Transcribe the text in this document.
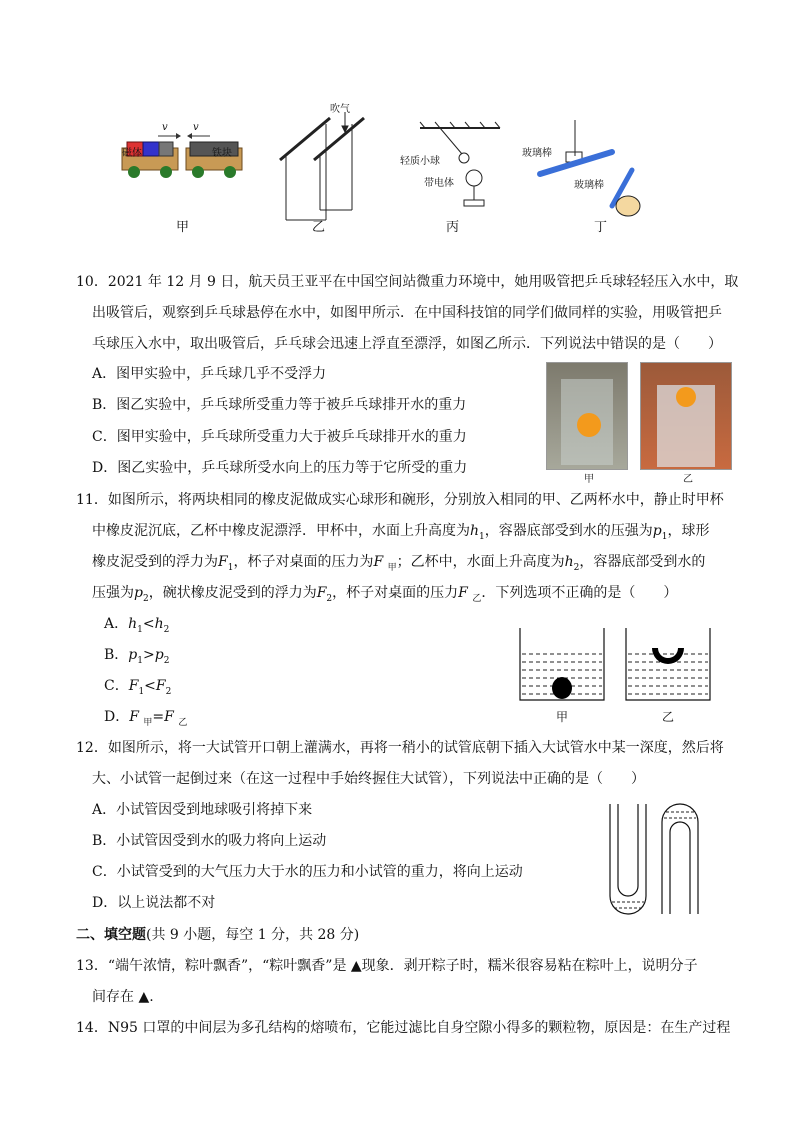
磁体	铁块
v	v
吹气
轻质小球
带电体
玻璃棒
玻璃棒
甲	乙	丙	丁
10．2021 年 12 月 9 日，航天员王亚平在中国空间站微重力环境中，她用吸管把乒乓球轻轻压入水中，取
出吸管后，观察到乒乓球悬停在水中，如图甲所示．在中国科技馆的同学们做同样的实验，用吸管把乒
乓球压入水中，取出吸管后，乒乓球会迅速上浮直至漂浮，如图乙所示．下列说法中错误的是（　　）
A．图甲实验中，乒乓球几乎不受浮力
B．图乙实验中，乒乓球所受重力等于被乒乓球排开水的重力
C．图甲实验中，乒乓球所受重力大于被乒乓球排开水的重力
D．图乙实验中，乒乓球所受水向上的压力等于它所受的重力
甲	乙
11．如图所示，将两块相同的橡皮泥做成实心球形和碗形，分别放入相同的甲、乙两杯水中，静止时甲杯
中橡皮泥沉底，乙杯中橡皮泥漂浮．甲杯中，水面上升高度为$h_1$，容器底部受到水的压强为$p_1$，球形
橡皮泥受到的浮力为$F_1$，杯子对桌面的压力为F $_甲$；乙杯中，水面上升高度为$h_2$，容器底部受到水的
压强为$p_2$，碗状橡皮泥受到的浮力为$F_2$，杯子对桌面的压力F $_乙$．下列选项不正确的是（　　）
A．$h_1<h_2$
B．$p_1>p_2$
C．$F_1<F_2$
D．F $_甲$=F $_乙$	甲	乙
12．如图所示，将一大试管开口朝上灌满水，再将一稍小的试管底朝下插入大试管水中某一深度，然后将
大、小试管一起倒过来（在这一过程中手始终握住大试管），下列说法中正确的是（　　）
A．小试管因受到地球吸引将掉下来
B．小试管因受到水的吸力将向上运动
C．小试管受到的大气压力大于水的压力和小试管的重力，将向上运动
D．以上说法都不对
二、填空题(共 9 小题，每空 1 分，共 28 分)
13．“端午浓情，粽叶飘香”，“粽叶飘香”是 ▲现象．剥开粽子时，糯米很容易粘在粽叶上，说明分子
间存在 ▲.
14．N95 口罩的中间层为多孔结构的熔喷布，它能过滤比自身空隙小得多的颗粒物，原因是：在生产过程
